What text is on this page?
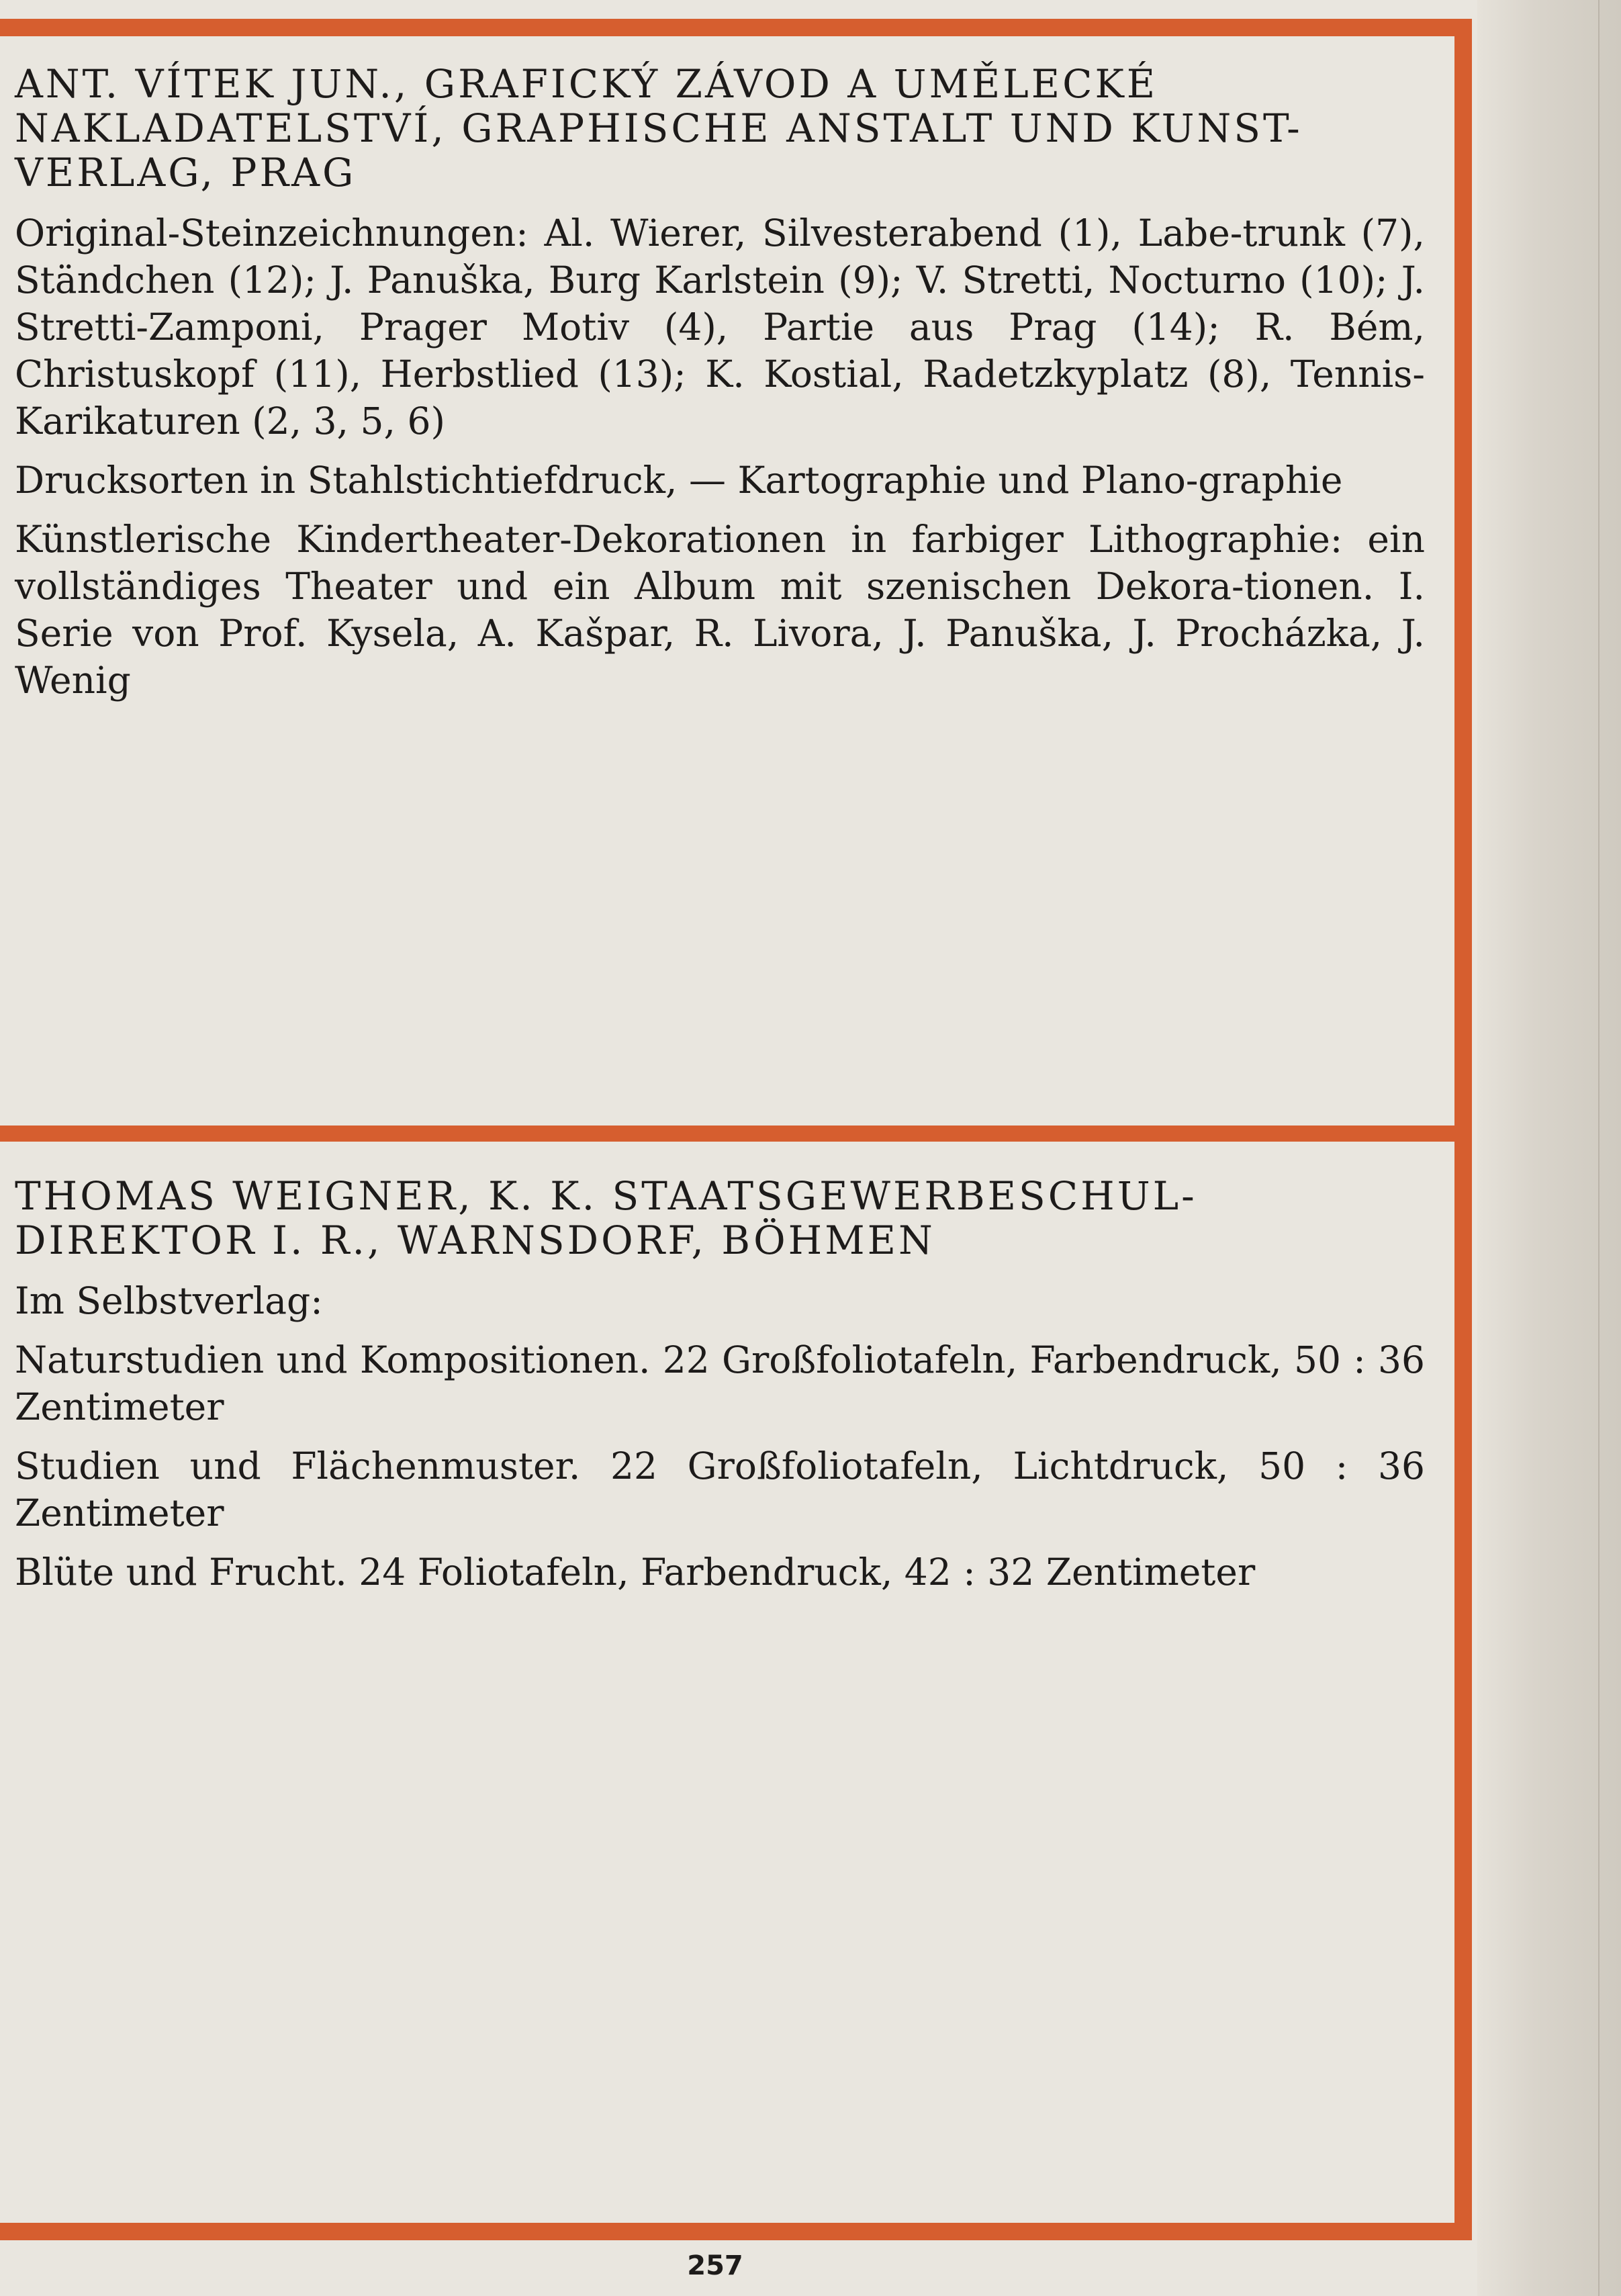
ANT. VÍTEK JUN., GRAFICKÝ ZÁVOD A UMĚLECKÉ
NAKLADATELSTVÍ, GRAPHISCHE ANSTALT UND KUNST-
VERLAG, PRAG

Original-Steinzeichnungen: Al. Wierer, Silvesterabend (1), Labe-trunk (7), Ständchen (12); J. Panuška, Burg Karlstein (9); V. Stretti, Nocturno (10); J. Stretti-Zamponi, Prager Motiv (4), Partie aus Prag (14); R. Bém, Christuskopf (11), Herbstlied (13); K. Kostial, Radetzkyplatz (8), Tennis-Karikaturen (2, 3, 5, 6)

Drucksorten in Stahlstichtiefdruck, — Kartographie und Plano-graphie

Künstlerische Kindertheater-Dekorationen in farbiger Lithographie: ein vollständiges Theater und ein Album mit szenischen Dekora-tionen. I. Serie von Prof. Kysela, A. Kašpar, R. Livora, J. Panuška, J. Procházka, J. Wenig

THOMAS WEIGNER, K. K. STAATSGEWERBESCHUL-
DIREKTOR I. R., WARNSDORF, BÖHMEN

Im Selbstverlag:

Naturstudien und Kompositionen. 22 Großfoliotafeln, Farbendruck, 50 : 36 Zentimeter

Studien und Flächenmuster. 22 Großfoliotafeln, Lichtdruck, 50 : 36 Zentimeter

Blüte und Frucht. 24 Foliotafeln, Farbendruck, 42 : 32 Zentimeter

257
